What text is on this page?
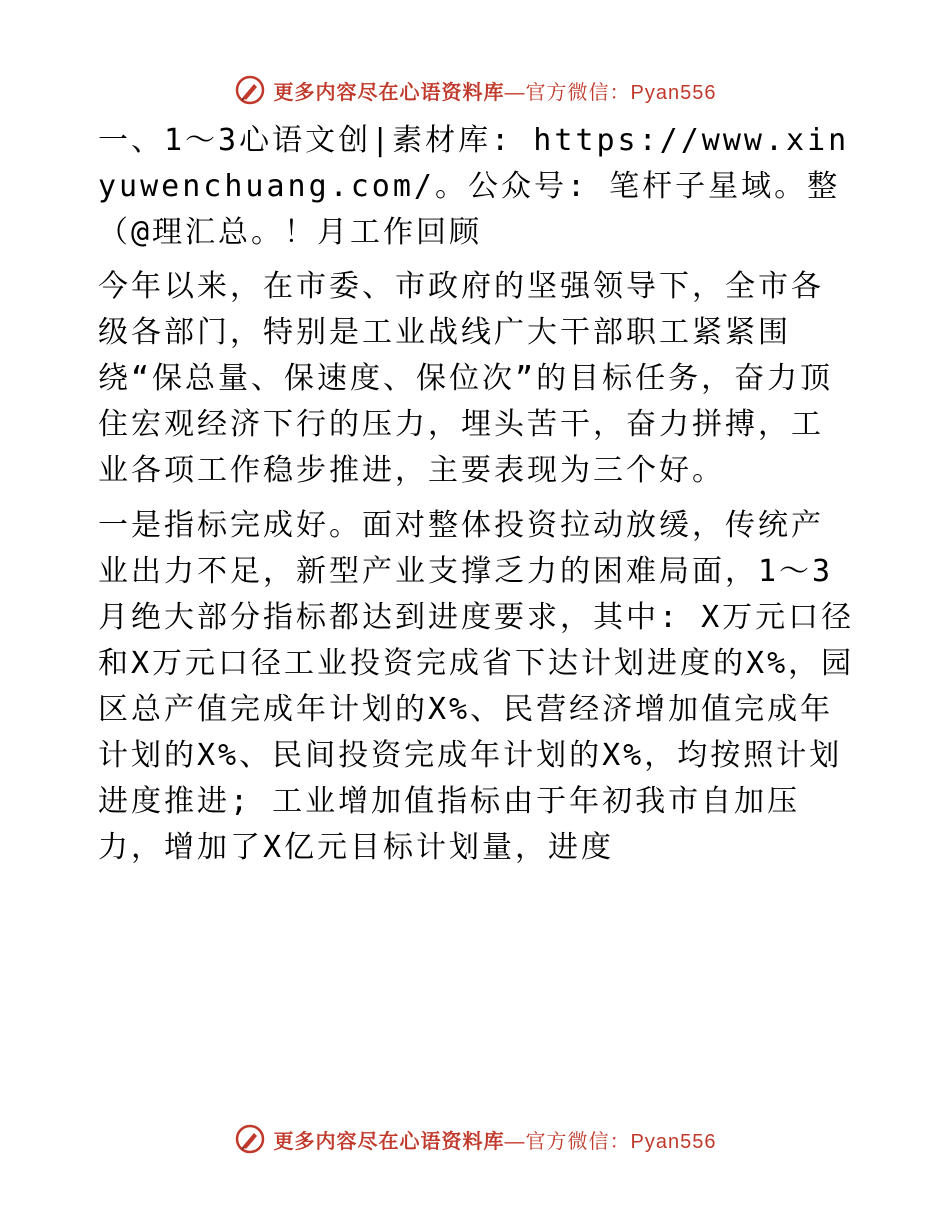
更多内容尽在心语资料库—官方微信：Pyan556

一、1～3心语文创|素材库: https://www.xinyuwenchuang.com/。公众号: 笔杆子星域。整（@理汇总。！月工作回顾

今年以来，在市委、市政府的坚强领导下，全市各级各部门，特别是工业战线广大干部职工紧紧围绕“保总量、保速度、保位次”的目标任务，奋力顶住宏观经济下行的压力，埋头苦干，奋力拼搏，工业各项工作稳步推进，主要表现为三个好。

一是指标完成好。面对整体投资拉动放缓，传统产业出力不足，新型产业支撑乏力的困难局面，1～3月绝大部分指标都达到进度要求，其中: X万元口径和X万元口径工业投资完成省下达计划进度的X%，园区总产值完成年计划的X%、民营经济增加值完成年计划的X%、民间投资完成年计划的X%，均按照计划进度推进; 工业增加值指标由于年初我市自加压力，增加了X亿元目标计划量，进度

更多内容尽在心语资料库—官方微信：Pyan556
